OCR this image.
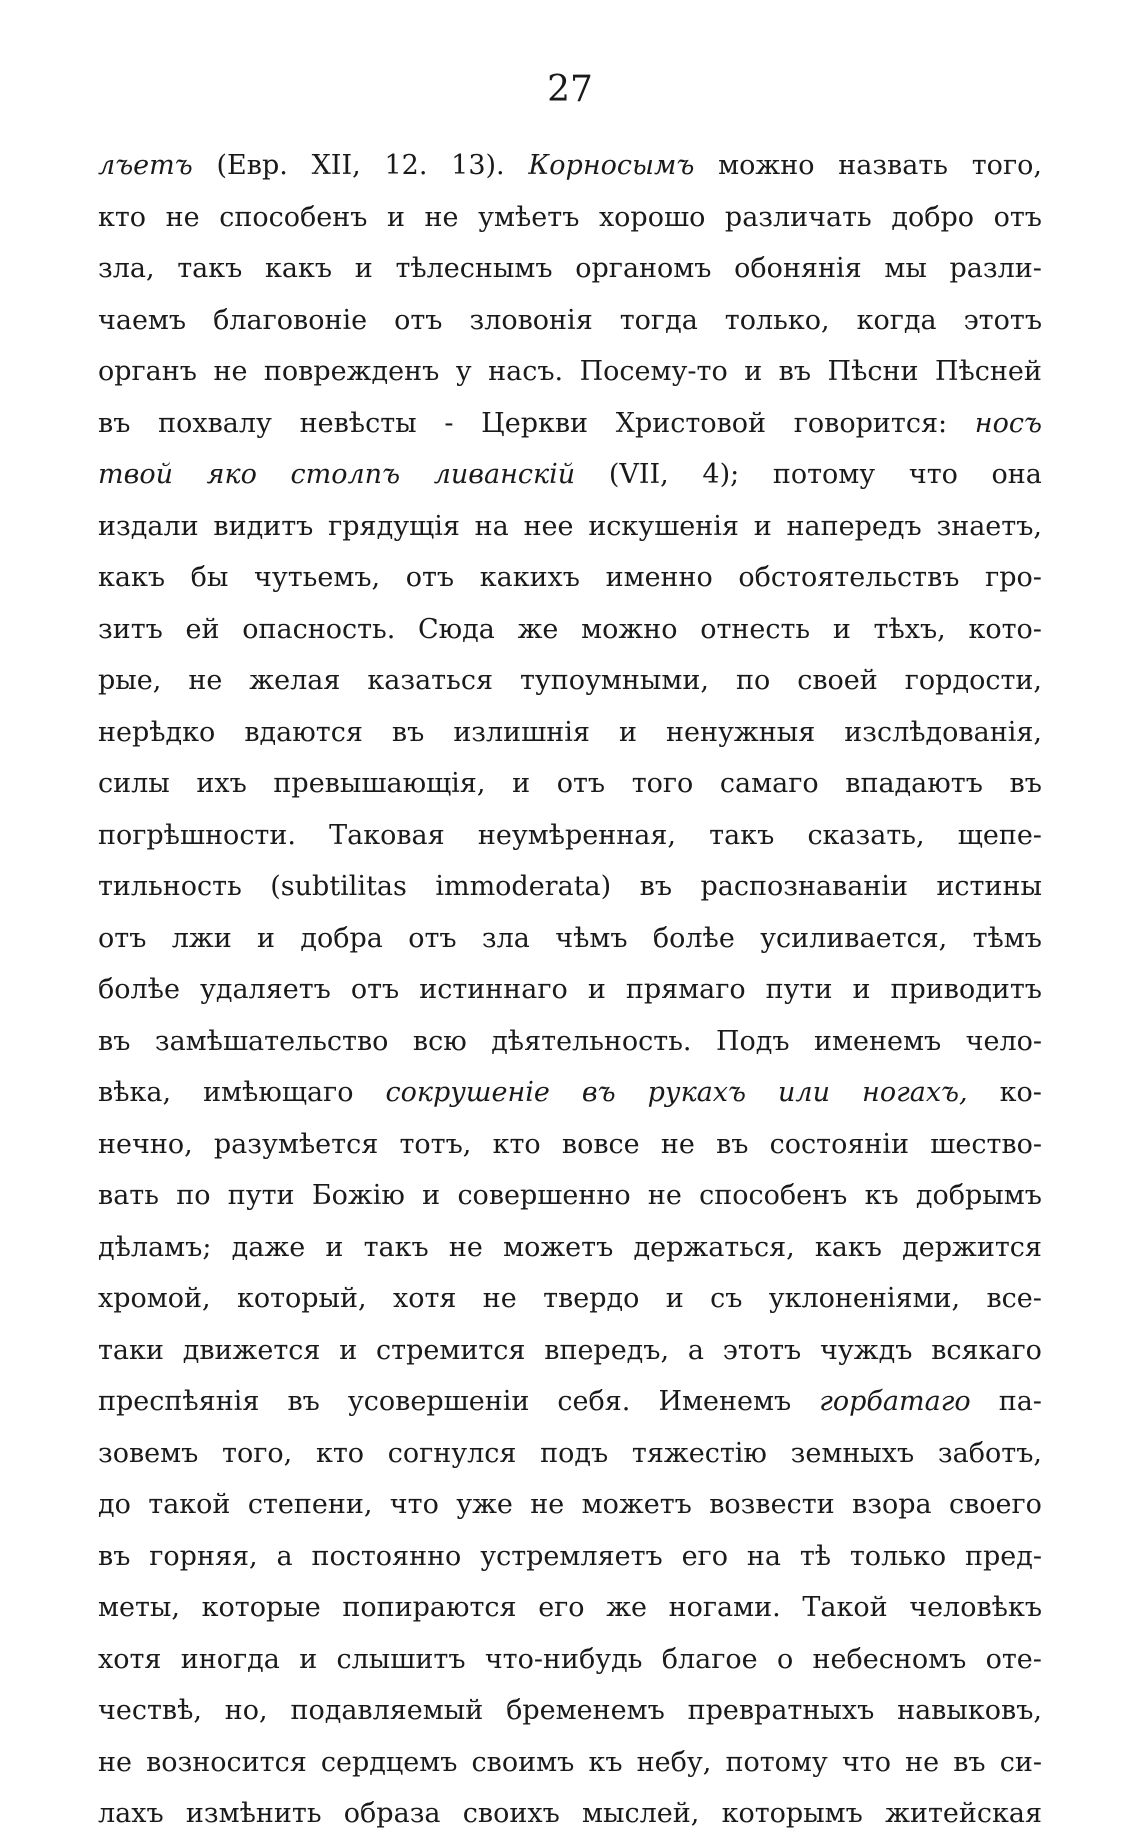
27
лъетъ (Евр. XII, 12. 13). Корносымъ можно назвать того,
кто не способенъ и не умѣетъ хорошо различать добро отъ
зла, такъ какъ и тѣлеснымъ органомъ обонянія мы разли-
чаемъ благовоніе отъ зловонія тогда только, когда этотъ
органъ не поврежденъ у насъ. Посему-то и въ Пѣсни Пѣсней
въ похвалу невѣсты - Церкви Христовой говорится: носъ
твой яко столпъ ливанскій (VII, 4); потому что она
издали видитъ грядущія на нее искушенія и напередъ знаетъ,
какъ бы чутьемъ, отъ какихъ именно обстоятельствъ гро-
зитъ ей опасность. Сюда же можно отнесть и тѣхъ, кото-
рые, не желая казаться тупоумными, по своей гордости,
нерѣдко вдаются въ излишнія и ненужныя изслѣдованія,
силы ихъ превышающія, и отъ того самаго впадаютъ въ
погрѣшности. Таковая неумѣренная, такъ сказать, щепе-
тильность (subtilitas immoderata) въ распознаваніи истины
отъ лжи и добра отъ зла чѣмъ болѣе усиливается, тѣмъ
болѣе удаляетъ отъ истиннаго и прямаго пути и приводитъ
въ замѣшательство всю дѣятельность. Подъ именемъ чело-
вѣка, имѣющаго сокрушеніе въ рукахъ или ногахъ, ко-
нечно, разумѣется тотъ, кто вовсе не въ состояніи шество-
вать по пути Божію и совершенно не способенъ къ добрымъ
дѣламъ; даже и такъ не можетъ держаться, какъ держится
хромой, который, хотя не твердо и съ уклоненіями, все-
таки движется и стремится впередъ, а этотъ чуждъ всякаго
преспѣянія въ усовершеніи себя. Именемъ горбатаго па-
зовемъ того, кто согнулся подъ тяжестію земныхъ заботъ,
до такой степени, что уже не можетъ возвести взора своего
въ горняя, а постоянно устремляетъ его на тѣ только пред-
меты, которые попираются его же ногами. Такой человѣкъ
хотя иногда и слышитъ что-нибудь благое о небесномъ оте-
чествѣ, но, подавляемый бременемъ превратныхъ навыковъ,
не возносится сердцемъ своимъ къ небу, потому что не въ си-
лахъ измѣнить образа своихъ мыслей, которымъ житейская
